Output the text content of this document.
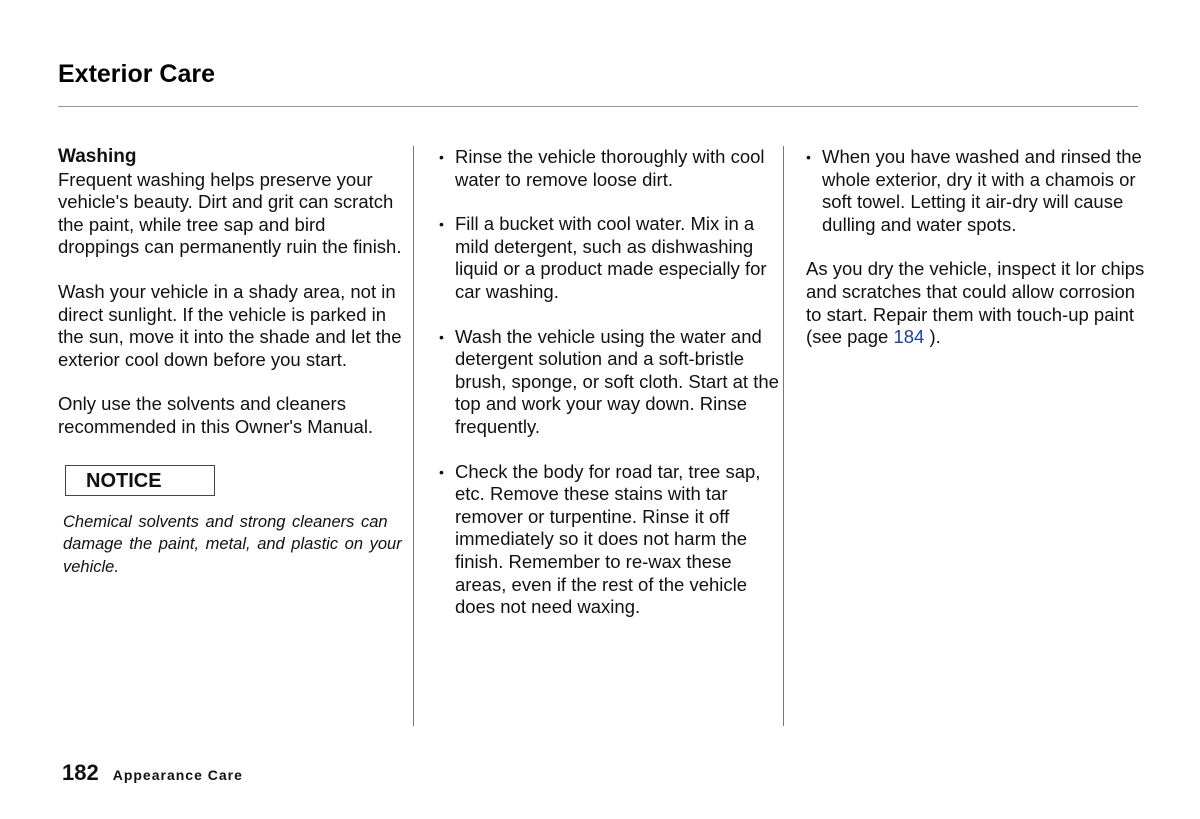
Exterior Care

Washing

Frequent washing helps preserve your vehicle's beauty. Dirt and grit can scratch the paint, while tree sap and bird droppings can permanently ruin the finish.

Wash your vehicle in a shady area, not in direct sunlight. If the vehicle is parked in the sun, move it into the shade and let the exterior cool down before you start.

Only use the solvents and cleaners recommended in this Owner's Manual.

NOTICE

Chemical solvents and strong cleaners can damage the paint, metal, and plastic on your vehicle.

• Rinse the vehicle thoroughly with cool water to remove loose dirt.
• Fill a bucket with cool water. Mix in a mild detergent, such as dishwashing liquid or a product made especially for car washing.
• Wash the vehicle using the water and detergent solution and a soft-bristle brush, sponge, or soft cloth. Start at the top and work your way down. Rinse frequently.
• Check the body for road tar, tree sap, etc. Remove these stains with tar remover or turpentine. Rinse it off immediately so it does not harm the finish. Remember to re-wax these areas, even if the rest of the vehicle does not need waxing.
• When you have washed and rinsed the whole exterior, dry it with a chamois or soft towel. Letting it air-dry will cause dulling and water spots.

As you dry the vehicle, inspect it lor chips and scratches that could allow corrosion to start. Repair them with touch-up paint (see page 184 ).

182 Appearance Care
